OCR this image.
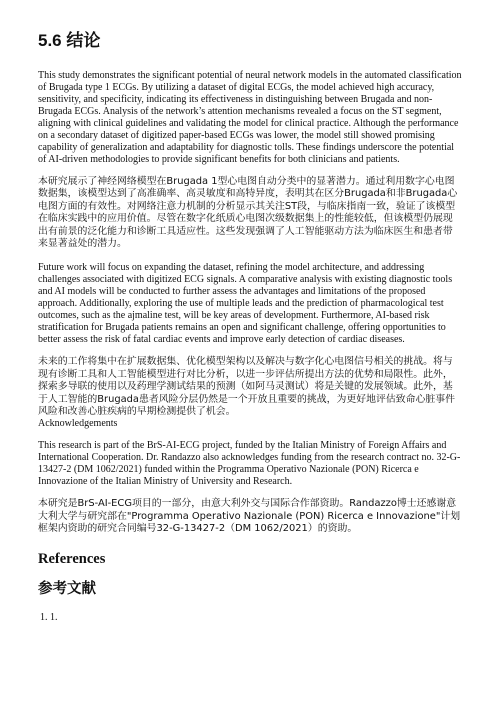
5.6 结论

This study demonstrates the significant potential of neural network models in the automated classification of Brugada type 1 ECGs. By utilizing a dataset of digital ECGs, the model achieved high accuracy, sensitivity, and specificity, indicating its effectiveness in distinguishing between Brugada and non-Brugada ECGs. Analysis of the network’s attention mechanisms revealed a focus on the ST segment, aligning with clinical guidelines and validating the model for clinical practice. Although the performance on a secondary dataset of digitized paper-based ECGs was lower, the model still showed promising capability of generalization and adaptability for diagnostic tolls. These findings underscore the potential of AI-driven methodologies to provide significant benefits for both clinicians and patients.

本研究展示了神经网络模型在Brugada 1型心电图自动分类中的显著潜力。通过利用数字心电图数据集，该模型达到了高准确率、高灵敏度和高特异度，表明其在区分Brugada和非Brugada心电图方面的有效性。对网络注意力机制的分析显示其关注ST段，与临床指南一致，验证了该模型在临床实践中的应用价值。尽管在数字化纸质心电图次级数据集上的性能较低，但该模型仍展现出有前景的泛化能力和诊断工具适应性。这些发现强调了人工智能驱动方法为临床医生和患者带来显著益处的潜力。

Future work will focus on expanding the dataset, refining the model architecture, and addressing challenges associated with digitized ECG signals. A comparative analysis with existing diagnostic tools and AI models will be conducted to further assess the advantages and limitations of the proposed approach. Additionally, exploring the use of multiple leads and the prediction of pharmacological test outcomes, such as the ajmaline test, will be key areas of development. Furthermore, AI-based risk stratification for Brugada patients remains an open and significant challenge, offering opportunities to better assess the risk of fatal cardiac events and improve early detection of cardiac diseases.

未来的工作将集中在扩展数据集、优化模型架构以及解决与数字化心电图信号相关的挑战。将与现有诊断工具和人工智能模型进行对比分析，以进一步评估所提出方法的优势和局限性。此外，探索多导联的使用以及药理学测试结果的预测（如阿马灵测试）将是关键的发展领域。此外，基于人工智能的Brugada患者风险分层仍然是一个开放且重要的挑战，为更好地评估致命心脏事件风险和改善心脏疾病的早期检测提供了机会。

Acknowledgements

This research is part of the BrS-AI-ECG project, funded by the Italian Ministry of Foreign Affairs and International Cooperation. Dr. Randazzo also acknowledges funding from the research contract no. 32-G-13427-2 (DM 1062/2021) funded within the Programma Operativo Nazionale (PON) Ricerca e Innovazione of the Italian Ministry of University and Research.

本研究是BrS-AI-ECG项目的一部分，由意大利外交与国际合作部资助。Randazzo博士还感谢意大利大学与研究部在"Programma Operativo Nazionale (PON) Ricerca e Innovazione"计划框架内资助的研究合同编号32-G-13427-2（DM 1062/2021）的资助。

References
参考文献
1. 1.
